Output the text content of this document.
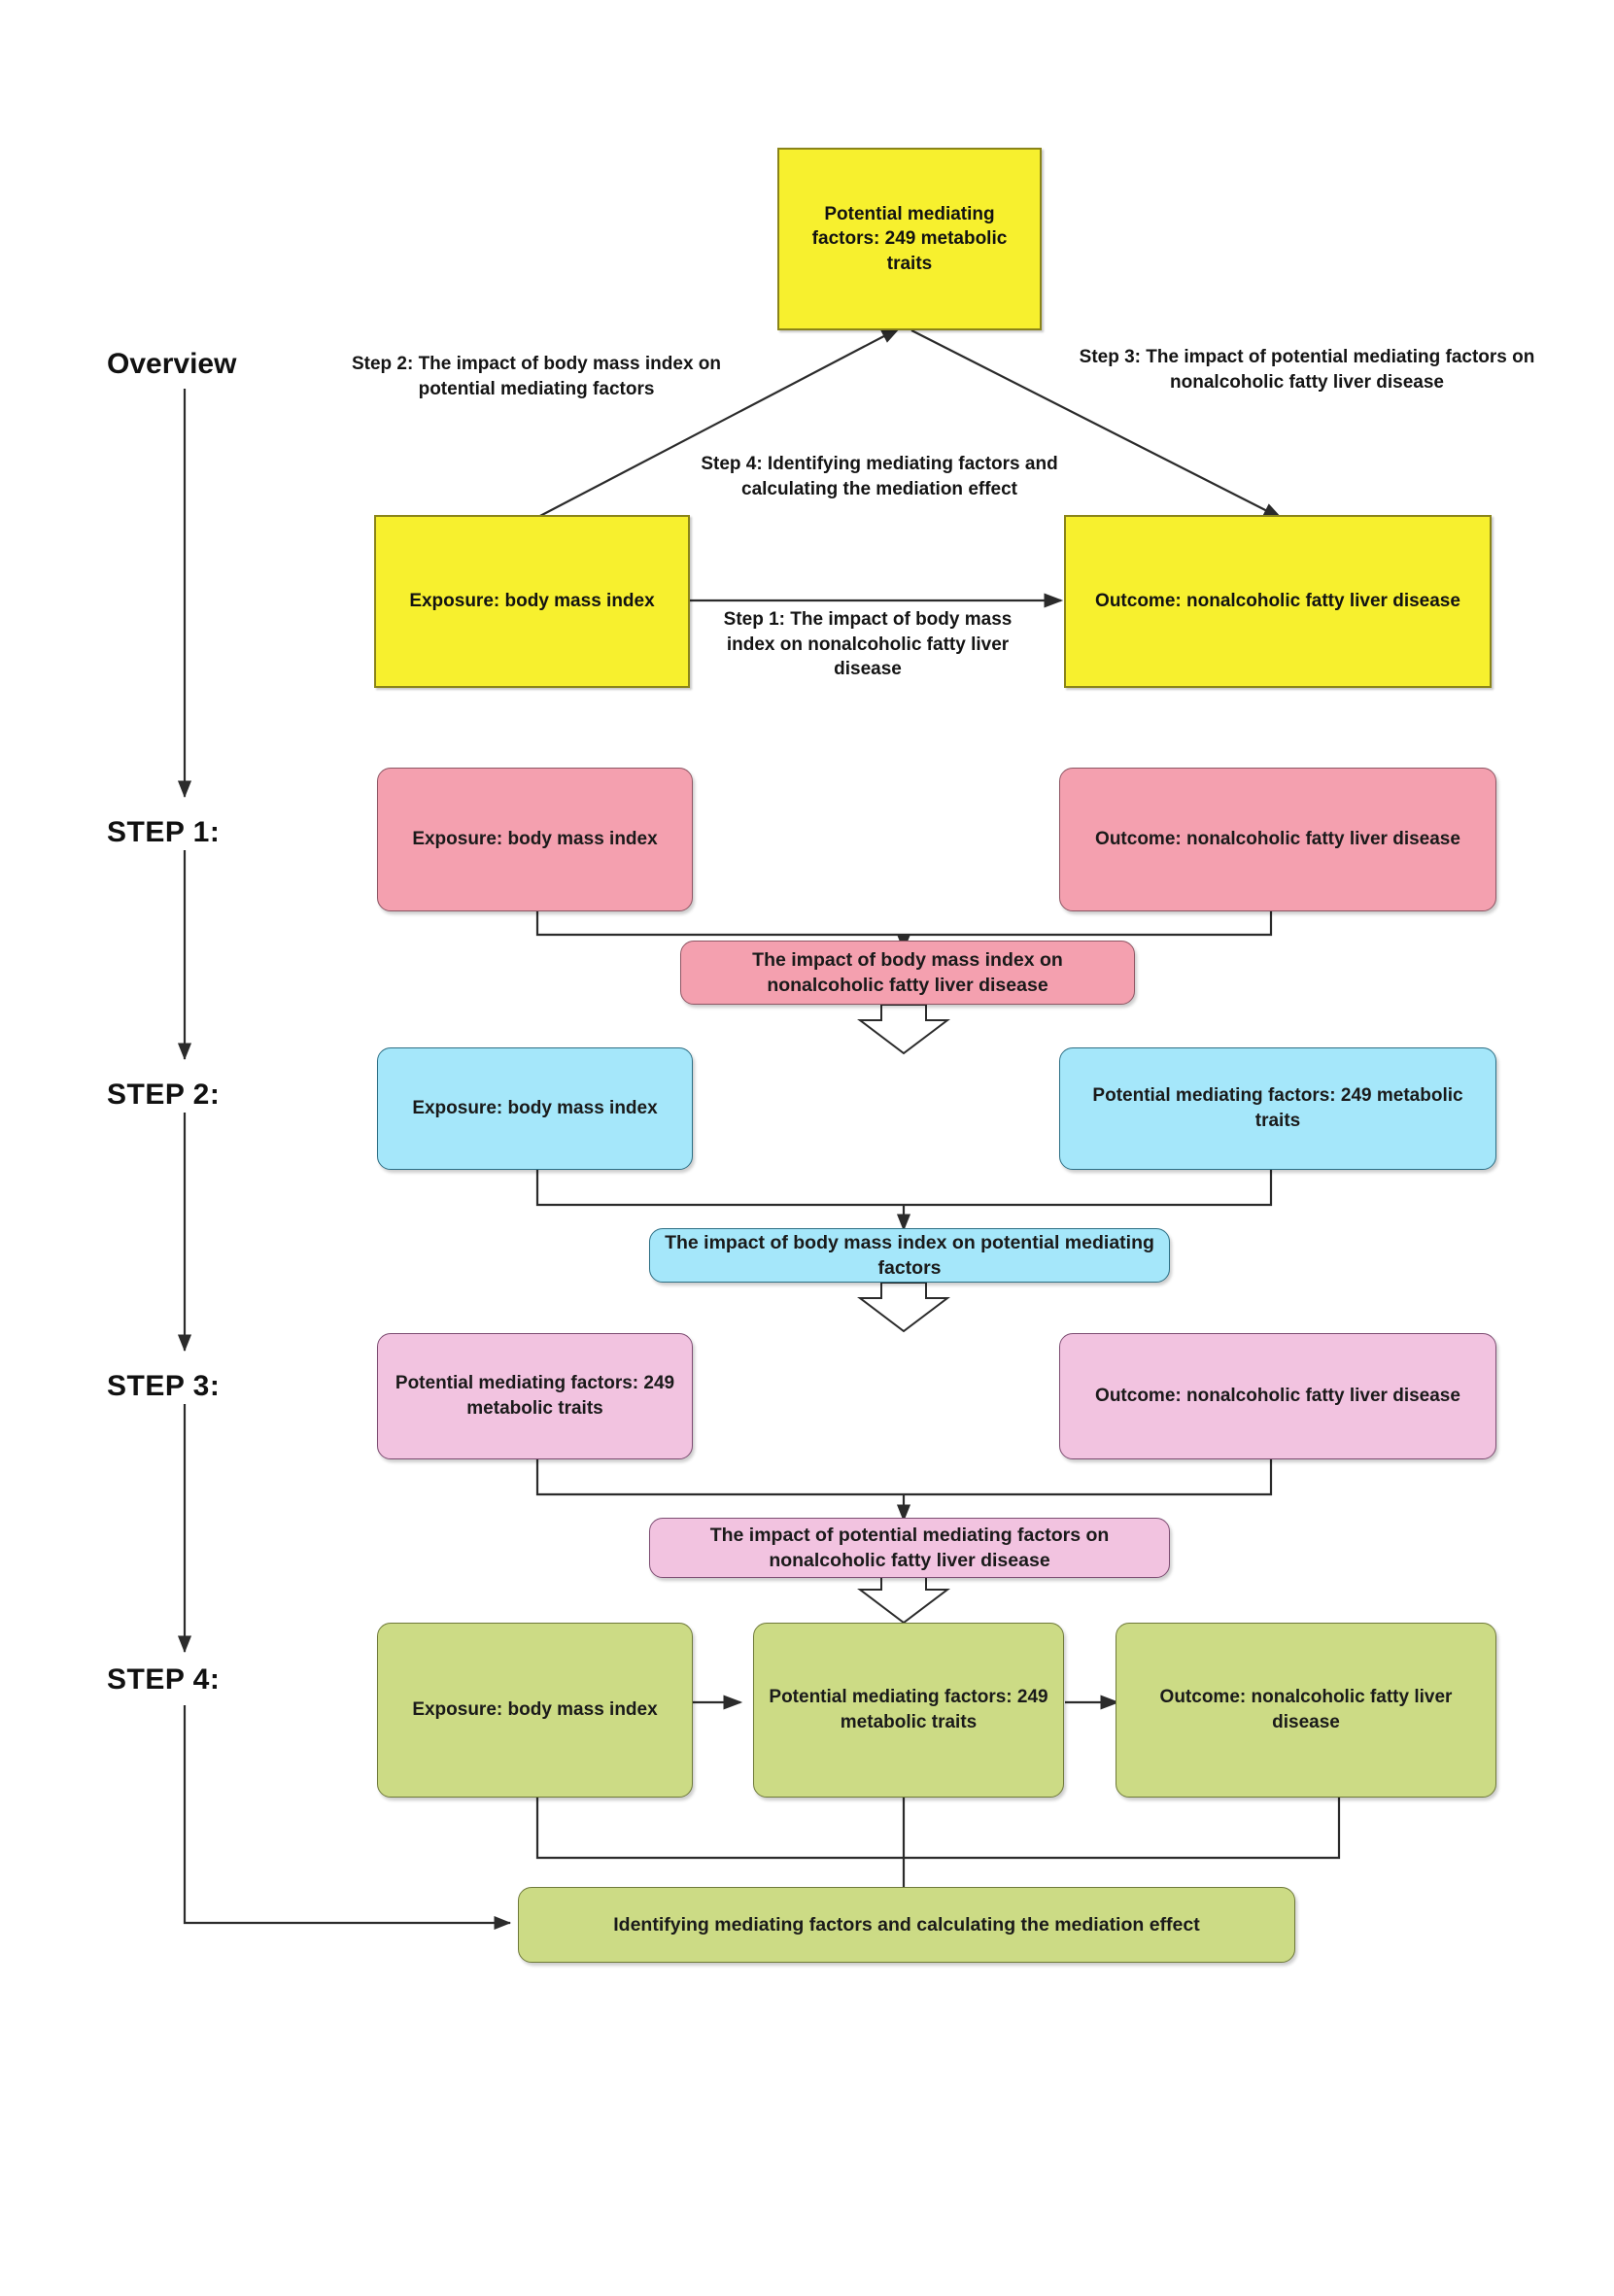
Overview
Potential mediating factors: 249 metabolic traits
Exposure: body mass index	Outcome: nonalcoholic fatty liver disease
Step 2: The impact of body mass index on potential mediating factors
Step 3: The impact of potential mediating factors on nonalcoholic fatty liver disease
Step 4: Identifying mediating factors and calculating the mediation effect
Step 1: The impact of body mass index on nonalcoholic fatty liver disease
STEP 1:	Exposure: body mass index	Outcome: nonalcoholic fatty liver disease
The impact of body mass index on nonalcoholic fatty liver disease
STEP 2:	Exposure: body mass index
Potential mediating factors: 249 metabolic traits
The impact of body mass index on potential mediating factors
STEP 3:	Potential mediating factors: 249 metabolic traits
Outcome: nonalcoholic fatty liver disease
The impact of potential mediating factors on nonalcoholic fatty liver disease
STEP 4:
Exposure: body mass index
Potential mediating factors: 249 metabolic traits
Outcome: nonalcoholic fatty liver disease
Identifying mediating factors and calculating the mediation effect
